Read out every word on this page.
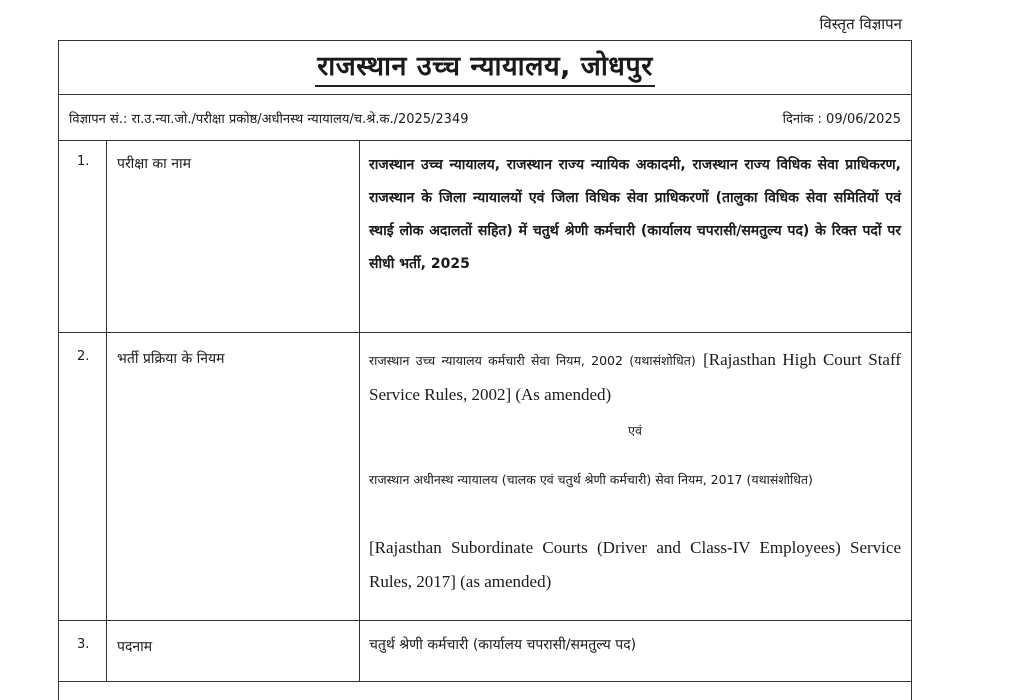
विस्तृत विज्ञापन
राजस्थान उच्च न्यायालय, जोधपुर
विज्ञापन सं.: रा.उ.न्या.जो./परीक्षा प्रकोष्ठ/अधीनस्थ न्यायालय/च.श्रे.क./2025/2349	दिनांक : 09/06/2025
1. परीक्षा का नाम	राजस्थान उच्च न्यायालय, राजस्थान राज्य न्यायिक अकादमी, राजस्थान राज्य विधिक सेवा प्राधिकरण, राजस्थान के जिला न्यायालयों एवं जिला विधिक सेवा प्राधिकरणों (तालुका विधिक सेवा समितियों एवं स्थाई लोक अदालतों सहित) में चतुर्थ श्रेणी कर्मचारी (कार्यालय चपरासी/समतुल्य पद) के रिक्त पदों पर सीधी भर्ती, 2025
2. भर्ती प्रक्रिया के नियम	राजस्थान उच्च न्यायालय कर्मचारी सेवा नियम, 2002 (यथासंशोधित) [Rajasthan High Court Staff Service Rules, 2002] (As amended)
एवं
राजस्थान अधीनस्थ न्यायालय (चालक एवं चतुर्थ श्रेणी कर्मचारी) सेवा नियम, 2017 (यथासंशोधित)
[Rajasthan Subordinate Courts (Driver and Class-IV Employees) Service Rules, 2017] (as amended)
3. पदनाम	चतुर्थ श्रेणी कर्मचारी (कार्यालय चपरासी/समतुल्य पद)
